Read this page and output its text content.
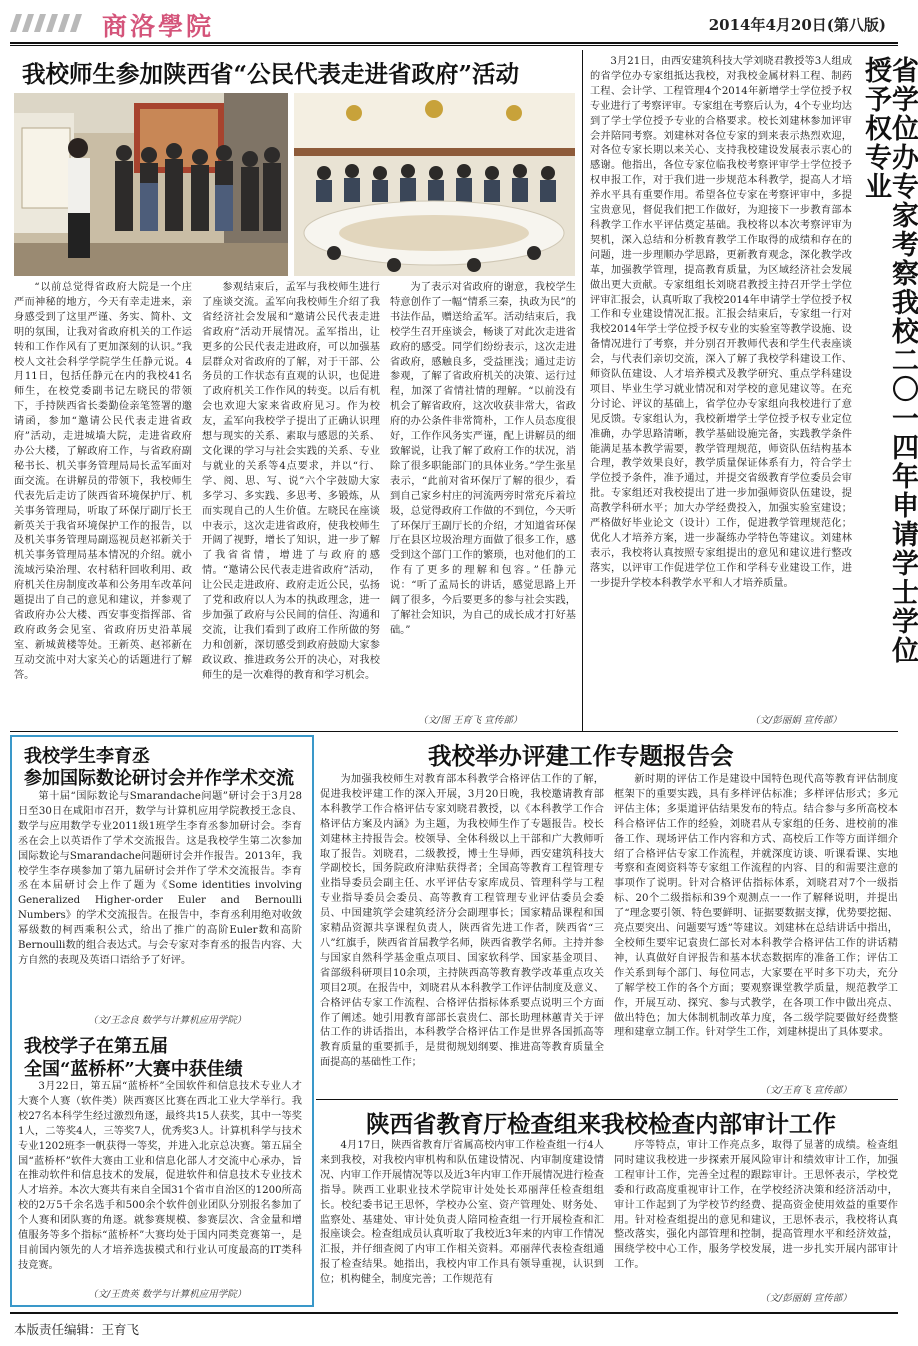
商洛學院	2014年4月20日(第八版)
我校师生参加陕西省“公民代表走进省政府”活动
“以前总觉得省政府大院是一个庄严而神秘的地方，今天有幸走进来，亲身感受到了这里严谨、务实、简朴、文明的氛围，让我对省政府机关的工作运转和工作作风有了更加深刻的认识。”我校人文社会科学学院学生任静元说。4月11日，包括任静元在内的我校41名师生，在校党委副书记左晓民的带领下，手持陕西省长娄勤俭亲笔签署的邀请函，参加“邀请公民代表走进省政府”活动，走进城墙大院，走进省政府办公大楼，了解政府工作，与省政府副秘书长、机关事务管理局局长孟军面对面交流。在讲解员的带领下，我校师生代表先后走访了陕西省环境保护厅、机关事务管理局，听取了环保厅副厅长王新英关于我省环境保护工作的报告，以及机关事务管理局副巡视员赵祁新关于机关事务管理局基本情况的介绍。就小流域污染治理、农村秸秆回收利用、政府机关住房制度改革和公务用车改革问题提出了自己的意见和建议，并参观了省政府办公大楼、西安事变指挥部、省政府政务会见室、省政府历史沿革展室、新城黄楼等处。王新英、赵祁新在互动交流中对大家关心的话题进行了解答。
参观结束后，孟军与我校师生进行了座谈交流。孟军向我校师生介绍了我省经济社会发展和“邀请公民代表走进省政府”活动开展情况。孟军指出，让更多的公民代表走进政府，可以加强基层群众对省政府的了解，对于干部、公务员的工作状态有直观的认识，也促进了政府机关工作作风的转变。以后有机会也欢迎大家来省政府见习。作为校友，孟军向我校学子提出了正确认识理想与现实的关系、素取与感恩的关系、文化课的学习与社会实践的关系、专业与就业的关系等4点要求，并以“行、学、阅、思、写、说”六个字鼓励大家多学习、多实践、多思考、多锻炼，从而实现自己的人生价值。左晓民在座谈中表示，这次走进省政府，使我校师生开阔了视野，增长了知识，进一步了解了我省省情，增进了与政府的感情。“邀请公民代表走进省政府”活动，让公民走进政府、政府走近公民，弘扬了党和政府以人为本的执政理念，进一步加强了政府与公民间的信任、沟通和交流，让我们看到了政府工作所做的努力和创新，深切感受到政府鼓励大家参政议政、推进政务公开的决心，对我校师生的是一次难得的教育和学习机会。
为了表示对省政府的谢意，我校学生特意创作了一幅“情系三秦，执政为民”的书法作品，赠送给孟军。活动结束后，我校学生召开座谈会，畅谈了对此次走进省政府的感受。同学们纷纷表示，这次走进省政府，感触良多，受益匪浅；通过走访参观，了解了省政府机关的决策、运行过程，加深了省情社情的理解。“以前没有机会了解省政府，这次收获非常大，省政府的办公条件非常简朴，工作人员态度很好，工作作风务实严谨，配上讲解员的细致解说，让我了解了政府工作的状况，消除了很多职能部门的具体业务。”学生张星表示，“此前对省环保厅了解的很少，看到自己家乡村庄的河流两旁时常充斥着垃圾，总觉得政府工作做的不到位，今天听了环保厅王副厅长的介绍，才知道省环保厅在县区垃圾治理方面做了很多工作，感受到这个部门工作的繁琐，也对他们的工作有了更多的理解和包容。”任静元说：“听了孟局长的讲话，感觉思路上开阔了很多，今后要更多的参与社会实践，了解社会知识，为自己的成长成才打好基础。”
（文/图 王育飞 宣传部）
省学位办专家考察我校二〇一四年申请学士学位授予权专业
3月21日，由西安建筑科技大学刘晓君教授等3人组成的省学位办专家组抵达我校，对我校金属材料工程、制药工程、会计学、工程管理4个2014年新增学士学位授予权专业进行了考察评审。专家组在考察后认为，4个专业均达到了学士学位授予专业的合格要求。校长刘建林参加评审会并陪同考察。刘建林对各位专家的到来表示热烈欢迎，对各位专家长期以来关心、支持我校建设发展表示衷心的感谢。他指出，各位专家位临我校考察评审学士学位授予权申报工作，对于我们进一步规范本科教学，提高人才培养水平具有重要作用。希望各位专家在考察评审中，多提宝贵意见，督促我们把工作做好，为迎接下一步教育部本科教学工作水平评估奠定基础。我校将以本次考察评审为契机，深入总结和分析教育教学工作取得的成绩和存在的问题，进一步理顺办学思路，更新教育观念，深化教学改革，加强教学管理，提高教育质量，为区域经济社会发展做出更大贡献。专家组组长刘晓君教授主持召开学士学位评审汇报会，认真听取了我校2014年申请学士学位授予权工作和专业建设情况汇报。汇报会结束后，专家组一行对我校2014年学士学位授予权专业的实验室等教学设施、设备情况进行了考察，并分别召开教师代表和学生代表座谈会，与代表们亲切交流，深入了解了我校学科建设工作、师资队伍建设、人才培养模式及教学研究、重点学科建设项目、毕业生学习就业情况和对学校的意见建议等。在充分讨论、评议的基础上，省学位办专家组向我校进行了意见反馈。专家组认为，我校新增学士学位授予权专业定位准确，办学思路清晰，教学基础设施完备，实践教学条件能满足基本教学需要，教学管理规范，师资队伍结构基本合理，教学效果良好，教学质量保证体系有力，符合学士学位授予条件，准予通过，并提交省级教育学位委员会审批。专家组还对我校提出了进一步加强师资队伍建设，提高教学科研水平；加大办学经费投入，加强实验室建设；严格做好毕业论文（设计）工作，促进教学管理规范化；优化人才培养方案，进一步凝练办学特色等建议。刘建林表示，我校将认真按照专家组提出的意见和建议进行整改落实，以评审工作促进学位工作和学科专业建设工作，进一步提升学校本科教学水平和人才培养质量。
（文/彭丽娟 宣传部）
我校学生李育丞
参加国际数论研讨会并作学术交流
第十届“国际数论与Smarandache问题”研讨会于3月28日至30日在咸阳市召开，数学与计算机应用学院教授王念良、数学与应用数学专业2011级1班学生李育丞参加研讨会。李育丞在会上以英语作了学术交流报告。这是我校学生第二次参加国际数论与Smarandache问题研讨会并作报告。2013年，我校学生李存瑛参加了第九届研讨会并作了学术交流报告。李育丞在本届研讨会上作了题为《Some identities involving Generalized Higher-order Euler and Bernoulli Numbers》的学术交流报告。在报告中，李育丞利用绝对收敛幂级数的柯西乘积公式，给出了推广的高阶Euler数和高阶Bernoulli数的组合表达式。与会专家对李育丞的报告内容、大方自然的表现及英语口语给予了好评。
（文/王念良 数学与计算机应用学院）
我校学子在第五届
全国“蓝桥杯”大赛中获佳绩
3月22日，第五届“蓝桥杯”全国软件和信息技术专业人才大赛个人赛（软件类）陕西赛区比赛在西北工业大学举行。我校27名本科学生经过激烈角逐，最终共15人获奖，其中一等奖1人，二等奖4人，三等奖7人，优秀奖3人。计算机科学与技术专业1202班李一帆获得一等奖，并进入北京总决赛。第五届全国“蓝桥杯”软件大赛由工业和信息化部人才交流中心承办，旨在推动软件和信息技术的发展，促进软件和信息技术专业技术人才培养。本次大赛共有来自全国31个省市自治区的1200所高校的2万5千余名选手和500余个软件创业团队分别报名参加了个人赛和团队赛的角逐。就参赛规模、参赛层次、含金量和增值服务等多个指标“蓝桥杯”大赛均处于国内同类竞赛第一，是目前国内领先的人才培养选拔模式和行业认可度最高的IT类科技竞赛。
（文/王贵英 数学与计算机应用学院）
我校举办评建工作专题报告会
为加强我校师生对教育部本科教学合格评估工作的了解，促进我校评建工作的深入开展，3月20日晚，我校邀请教育部本科教学工作合格评估专家刘晓君教授，以《本科教学工作合格评估方案及内涵》为主题，为我校师生作了专题报告。校长刘建林主持报告会。校领导、全体科级以上干部和广大教师听取了报告。刘晓君，二级教授，博士生导师，西安建筑科技大学副校长，国务院政府津贴获得者；全国高等教育工程管理专业指导委员会副主任、水平评估专家库成员、管理科学与工程专业指导委员会委员、高等教育工程管理专业评估委员会委员、中国建筑学会建筑经济分会副理事长；国家精品课程和国家精品资源共享课程负责人，陕西省先进工作者，陕西省“三八”红旗手，陕西省首届教学名师，陕西省教学名师。主持并参与国家自然科学基金重点项目、国家软科学、国家基金项目、省部级科研项目10余项，主持陕西高等教育教学改革重点攻关项目2项。在报告中，刘晓君从本科教学工作评估制度及意义、合格评估专家工作流程、合格评估指标体系要点说明三个方面作了阐述。她引用教育部部长袁贵仁、部长助理林蕙青关于评估工作的讲话指出，本科教学合格评估工作是世界各国抓高等教育质量的重要抓手，是贯彻规划纲要、推进高等教育质量全面提高的基础性工作；
新时期的评估工作是建设中国特色现代高等教育评估制度框架下的重要实践，具有多样评估标准；多样评估形式；多元评估主体；多渠道评估结果发布的特点。结合参与多所高校本科合格评估工作的经验，刘晓君从专家组的任务、进校前的准备工作、现场评估工作内容和方式、高校后工作等方面详细介绍了合格评估专家工作流程，并就深度访谈、听课看课、实地考察和查阅资料等专家组工作流程的内容、目的和需要注意的事项作了说明。针对合格评估指标体系，刘晓君对7个一级指标、20个二级指标和39个观测点一一作了解释说明，并提出了“理念要引领、特色要鲜明、证据要数据支撑，优势要挖掘、亮点要突出、问题要写透”等建议。刘建林在总结讲话中指出，全校师生要牢记袁贵仁部长对本科教学合格评估工作的讲话精神，认真做好自评报告和基本状态数据库的准备工作；评估工作关系到每个部门、每位同志，大家要在平时多下功夫，充分了解学校工作的各个方面；要观察课堂教学质量，规范教学工作，开展互动、探究、参与式教学，在各项工作中做出亮点、做出特色；加大体制机制改革力度，各二级学院要做好经费整理和建章立制工作。针对学生工作，刘建林提出了具体要求。
（文/王育飞 宣传部）
陕西省教育厅检查组来我校检查内部审计工作
4月17日，陕西省教育厅省属高校内审工作检查组一行4人来到我校，对我校内审机构和队伍建设情况、内审制度建设情况、内审工作开展情况等以及近3年内审工作开展情况进行检查指导。陕西工业职业技术学院审计处处长邓丽萍任检查组组长。校纪委书记王思怀，学校办公室、资产管理处、财务处、监察处、基建处、审计处负责人陪同检查组一行开展检查和汇报座谈会。检查组成员认真听取了我校近3年来的内审工作情况汇报，并仔细查阅了内审工作相关资料。邓丽萍代表检查组通报了检查结果。她指出，我校内审工作具有领导重视，认识到位；机构健全，制度完善；工作规范有
序等特点，审计工作亮点多，取得了显著的成绩。检查组同时建议我校进一步探索开展风险审计和绩效审计工作，加强工程审计工作，完善全过程的跟踪审计。王思怀表示，学校党委和行政高度重视审计工作，在学校经济决策和经济活动中，审计工作起到了为学校节约经费、提高资金使用效益的重要作用。针对检查组提出的意见和建议，王思怀表示，我校将认真整改落实，强化内部管理和控制，提高管理水平和经济效益，围绕学校中心工作，服务学校发展，进一步扎实开展内部审计工作。
（文/彭丽娟 宣传部）
本版责任编辑：王育飞
